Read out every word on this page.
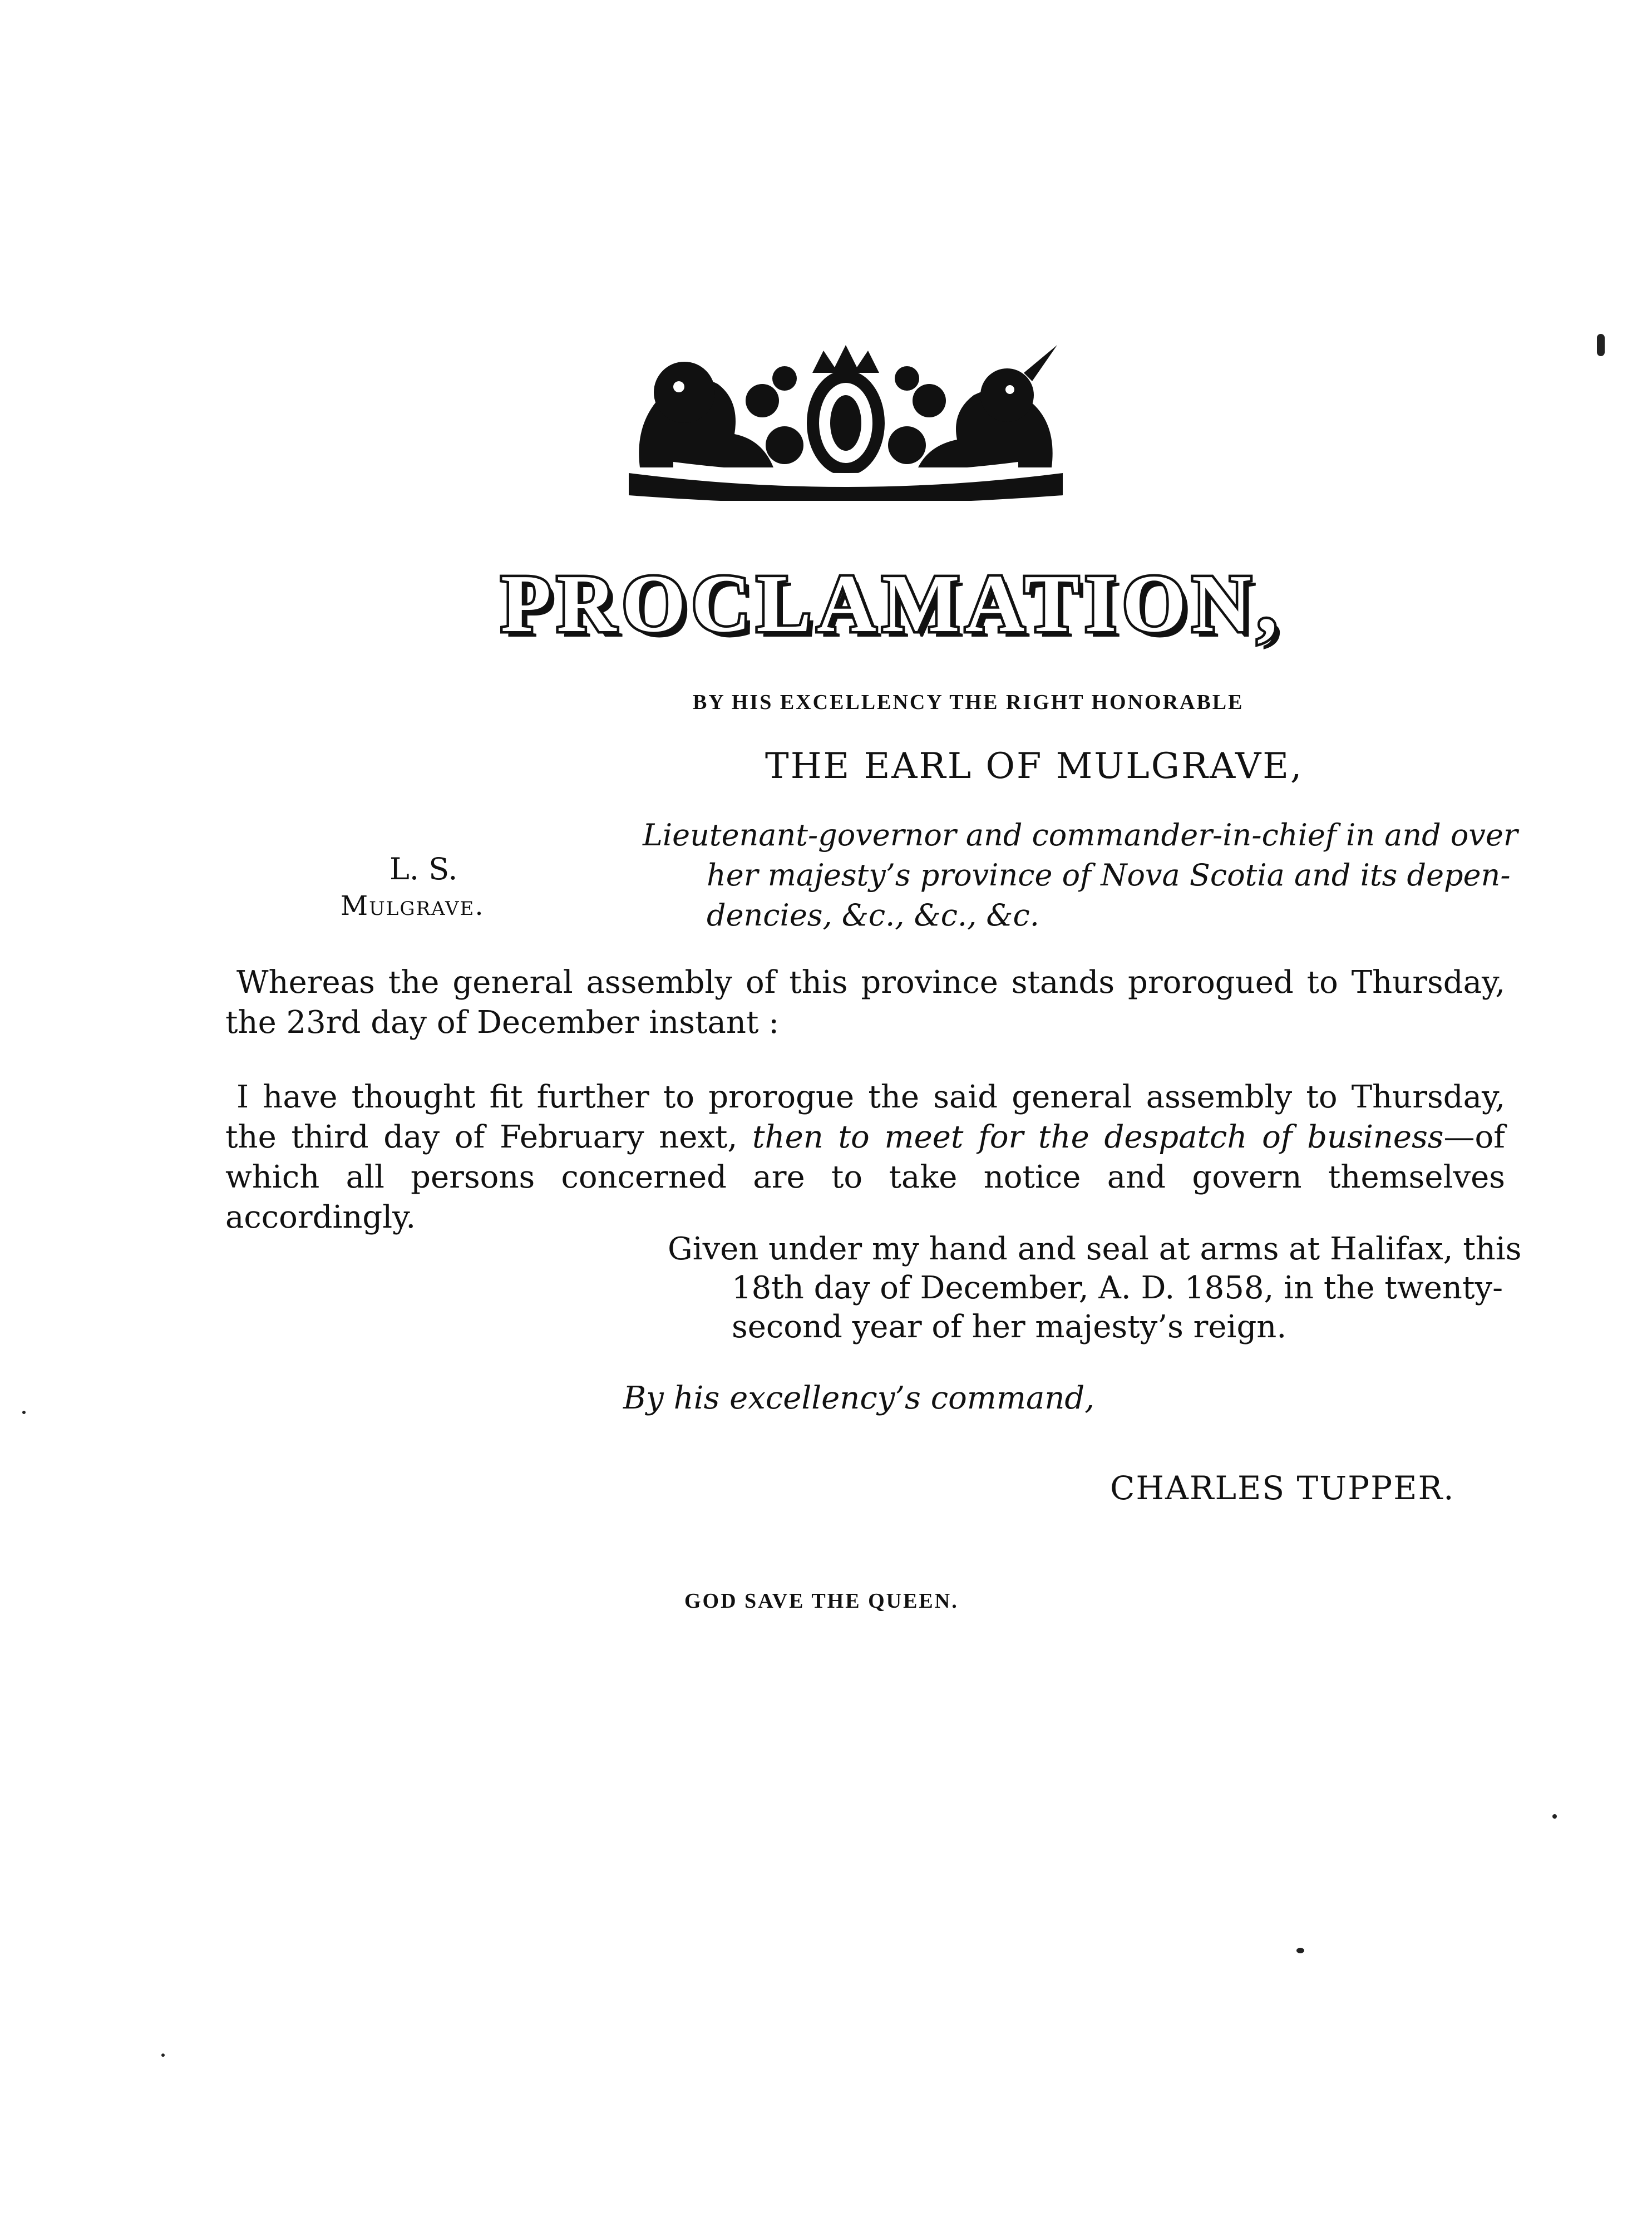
PROCLAMATION,
BY HIS EXCELLENCY THE RIGHT HONORABLE
THE EARL OF MULGRAVE,
L. S.
Mulgrave.
Lieutenant-governor and commander-in-chief in and over
her majesty’s province of Nova Scotia and its depen-
dencies, &c., &c., &c.
Whereas the general assembly of this province stands prorogued to Thursday, the 23rd day of December instant :
I have thought fit further to prorogue the said general assembly to Thursday, the third day of February next, then to meet for the despatch of business—of which all persons concerned are to take notice and govern themselves accordingly.
Given under my hand and seal at arms at Halifax, this
18th day of December, A. D. 1858, in the twenty-
second year of her majesty’s reign.
By his excellency’s command,
CHARLES TUPPER.
GOD SAVE THE QUEEN.
